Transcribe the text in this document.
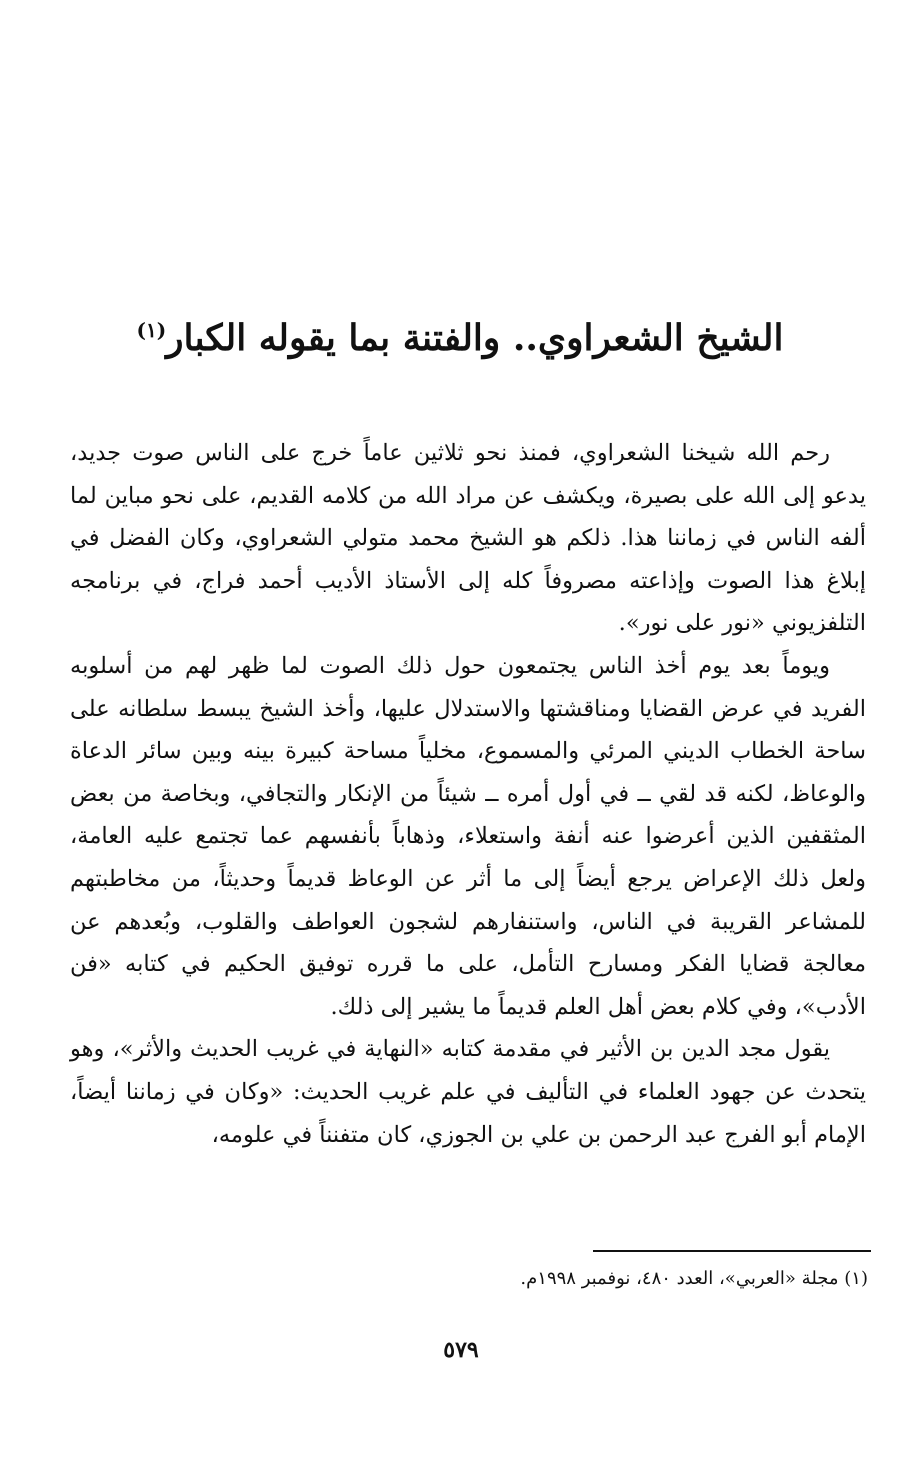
الشيخ الشعراوي.. والفتنة بما يقوله الكبار$^{(١)}$

رحم الله شيخنا الشعراوي، فمنذ نحو ثلاثين عاماً خرج على الناس صوت جديد، يدعو إلى الله على بصيرة، ويكشف عن مراد الله من كلامه القديم، على نحو مباين لما ألفه الناس في زماننا هذا. ذلكم هو الشيخ محمد متولي الشعراوي، وكان الفضل في إبلاغ هذا الصوت وإذاعته مصروفاً كله إلى الأستاذ الأديب أحمد فراج، في برنامجه التلفزيوني «نور على نور».

ويوماً بعد يوم أخذ الناس يجتمعون حول ذلك الصوت لما ظهر لهم من أسلوبه الفريد في عرض القضايا ومناقشتها والاستدلال عليها، وأخذ الشيخ يبسط سلطانه على ساحة الخطاب الديني المرئي والمسموع، مخلياً مساحة كبيرة بينه وبين سائر الدعاة والوعاظ، لكنه قد لقي ــ في أول أمره ــ شيئاً من الإنكار والتجافي، وبخاصة من بعض المثقفين الذين أعرضوا عنه أنفة واستعلاء، وذهاباً بأنفسهم عما تجتمع عليه العامة، ولعل ذلك الإعراض يرجع أيضاً إلى ما أثر عن الوعاظ قديماً وحديثاً، من مخاطبتهم للمشاعر القريبة في الناس، واستنفارهم لشجون العواطف والقلوب، وبُعدهم عن معالجة قضايا الفكر ومسارح التأمل، على ما قرره توفيق الحكيم في كتابه «فن الأدب»، وفي كلام بعض أهل العلم قديماً ما يشير إلى ذلك.

يقول مجد الدين بن الأثير في مقدمة كتابه «النهاية في غريب الحديث والأثر»، وهو يتحدث عن جهود العلماء في التأليف في علم غريب الحديث: «وكان في زماننا أيضاً، الإمام أبو الفرج عبد الرحمن بن علي بن الجوزي، كان متفنناً في علومه،

(١) مجلة «العربي»، العدد ٤٨٠، نوفمبر ١٩٩٨م.
٥٧٩
